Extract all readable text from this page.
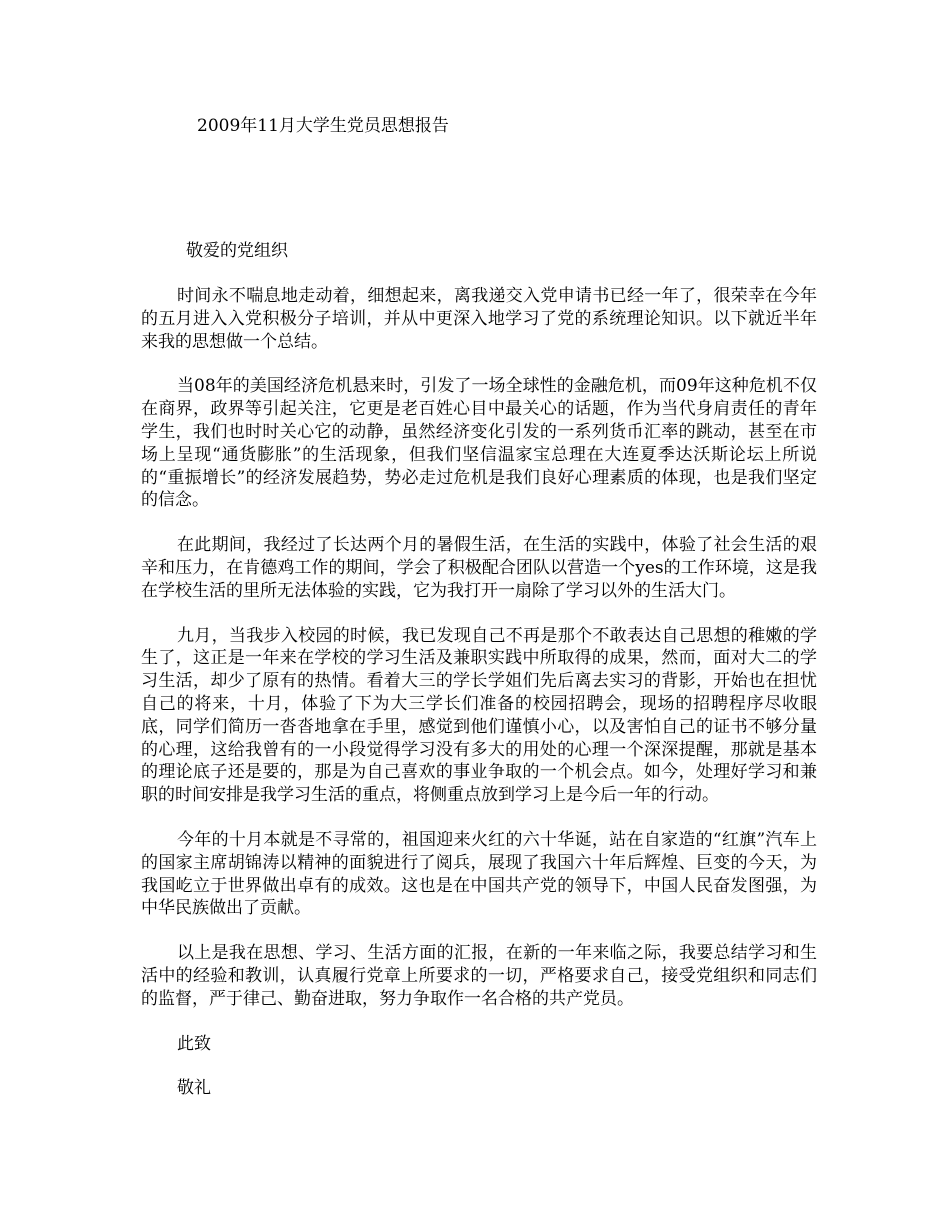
2009年11月大学生党员思想报告
敬爱的党组织

时间永不喘息地走动着，细想起来，离我递交入党申请书已经一年了，很荣幸在今年的五月进入入党积极分子培训，并从中更深入地学习了党的系统理论知识。以下就近半年来我的思想做一个总结。

当08年的美国经济危机悬来时，引发了一场全球性的金融危机，而09年这种危机不仅在商界，政界等引起关注，它更是老百姓心目中最关心的话题，作为当代身肩责任的青年学生，我们也时时关心它的动静，虽然经济变化引发的一系列货币汇率的跳动，甚至在市场上呈现“通货膨胀”的生活现象，但我们坚信温家宝总理在大连夏季达沃斯论坛上所说的“重振增长”的经济发展趋势，势必走过危机是我们良好心理素质的体现，也是我们坚定的信念。

在此期间，我经过了长达两个月的暑假生活，在生活的实践中，体验了社会生活的艰辛和压力，在肯德鸡工作的期间，学会了积极配合团队以营造一个yes的工作环境，这是我在学校生活的里所无法体验的实践，它为我打开一扇除了学习以外的生活大门。

九月，当我步入校园的时候，我已发现自己不再是那个不敢表达自己思想的稚嫩的学生了，这正是一年来在学校的学习生活及兼职实践中所取得的成果，然而，面对大二的学习生活，却少了原有的热情。看着大三的学长学姐们先后离去实习的背影，开始也在担忧自己的将来，十月，体验了下为大三学长们准备的校园招聘会，现场的招聘程序尽收眼底，同学们简历一沓沓地拿在手里，感觉到他们谨慎小心，以及害怕自己的证书不够分量的心理，这给我曾有的一小段觉得学习没有多大的用处的心理一个深深提醒，那就是基本的理论底子还是要的，那是为自己喜欢的事业争取的一个机会点。如今，处理好学习和兼职的时间安排是我学习生活的重点，将侧重点放到学习上是今后一年的行动。

今年的十月本就是不寻常的，祖国迎来火红的六十华诞，站在自家造的“红旗”汽车上的国家主席胡锦涛以精神的面貌进行了阅兵，展现了我国六十年后辉煌、巨变的今天，为我国屹立于世界做出卓有的成效。这也是在中国共产党的领导下，中国人民奋发图强，为中华民族做出了贡献。

以上是我在思想、学习、生活方面的汇报，在新的一年来临之际，我要总结学习和生活中的经验和教训，认真履行党章上所要求的一切，严格要求自己，接受党组织和同志们的监督，严于律己、勤奋进取，努力争取作一名合格的共产党员。

此致

敬礼
